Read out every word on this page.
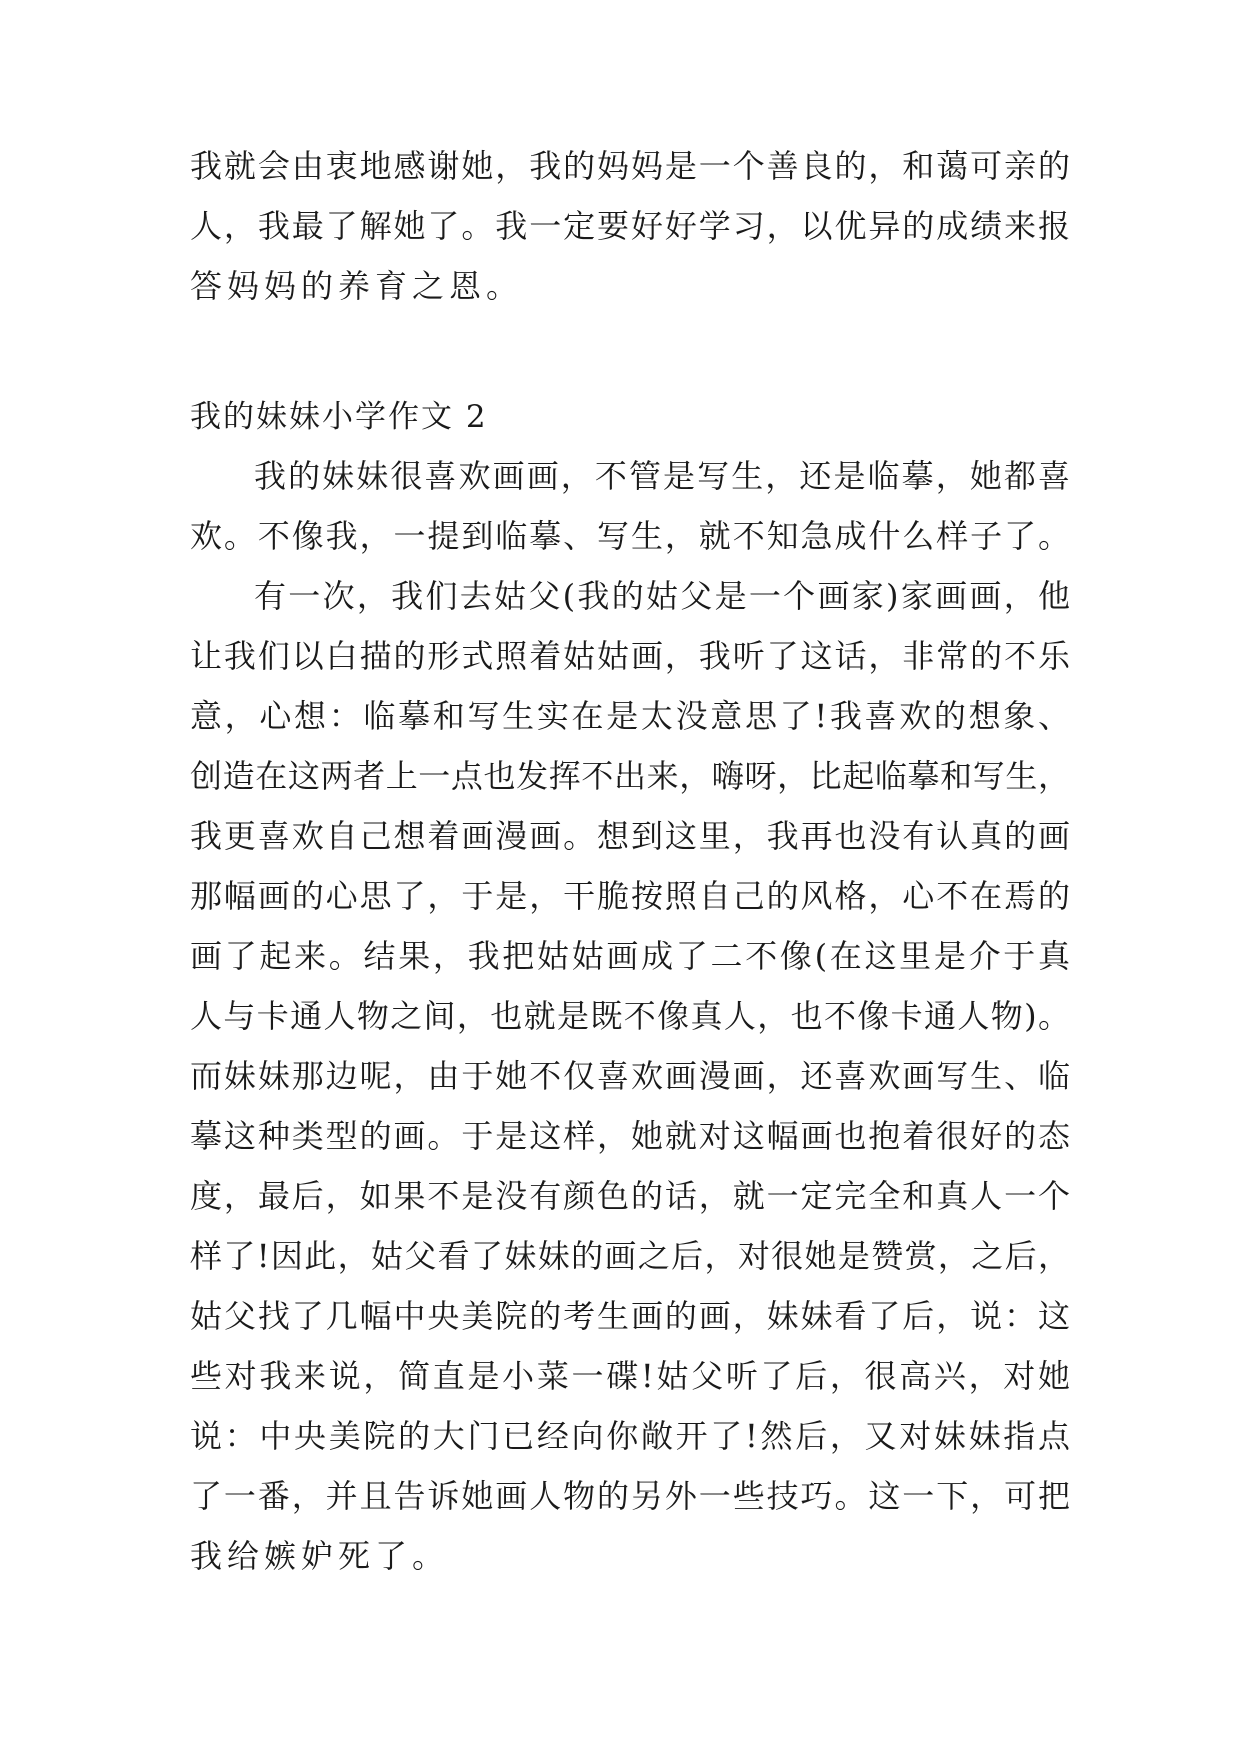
我就会由衷地感谢她，我的妈妈是一个善良的，和蔼可亲的
人，我最了解她了。我一定要好好学习，以优异的成绩来报
答妈妈的养育之恩。
我的妹妹小学作文 2
我的妹妹很喜欢画画，不管是写生，还是临摹，她都喜
欢。不像我，一提到临摹、写生，就不知急成什么样子了。
有一次，我们去姑父(我的姑父是一个画家)家画画，他
让我们以白描的形式照着姑姑画，我听了这话，非常的不乐
意，心想：临摹和写生实在是太没意思了!我喜欢的想象、
创造在这两者上一点也发挥不出来，嗨呀，比起临摹和写生，
我更喜欢自己想着画漫画。想到这里，我再也没有认真的画
那幅画的心思了，于是，干脆按照自己的风格，心不在焉的
画了起来。结果，我把姑姑画成了二不像(在这里是介于真
人与卡通人物之间，也就是既不像真人，也不像卡通人物)。
而妹妹那边呢，由于她不仅喜欢画漫画，还喜欢画写生、临
摹这种类型的画。于是这样，她就对这幅画也抱着很好的态
度，最后，如果不是没有颜色的话，就一定完全和真人一个
样了!因此，姑父看了妹妹的画之后，对很她是赞赏，之后，
姑父找了几幅中央美院的考生画的画，妹妹看了后，说：这
些对我来说，简直是小菜一碟!姑父听了后，很高兴，对她
说：中央美院的大门已经向你敞开了!然后，又对妹妹指点
了一番，并且告诉她画人物的另外一些技巧。这一下，可把
我给嫉妒死了。
